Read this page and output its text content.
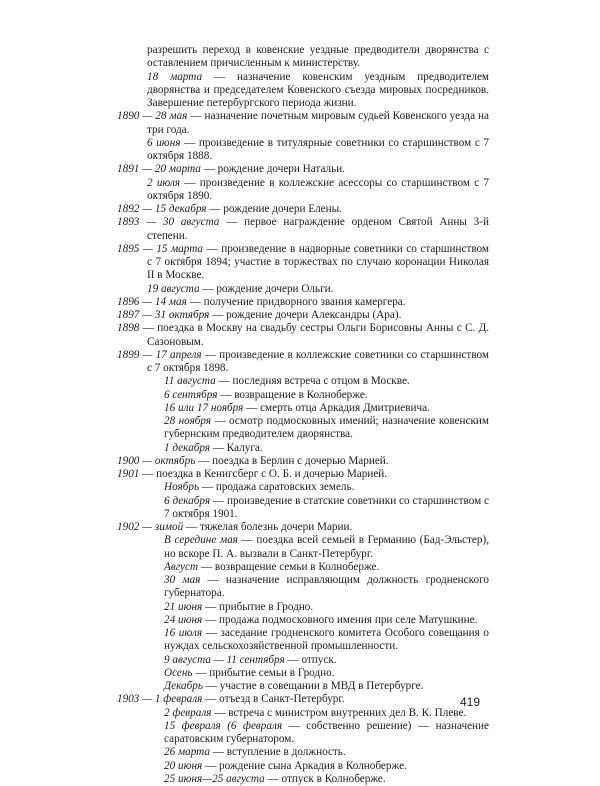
разрешить переход в ковенские уездные предводители дворянства с оставлением причисленным к министерству.

18 марта — назначение ковенским уездным предводителем дворянства и председателем Ковенского съезда мировых посредников. Завершение петербургского периода жизни.

1890 — 28 мая — назначение почетным мировым судьей Ковенского уезда на три года.

6 июня — произведение в титулярные советники со старшинством с 7 октября 1888.

1891 — 20 марта — рождение дочери Натальи.

2 июля — произведение в коллежские асессоры со старшинством с 7 октября 1890.

1892 — 15 декабря — рождение дочери Елены.

1893 — 30 августа — первое награждение орденом Святой Анны 3-й степени.

1895 — 15 марта — произведение в надворные советники со старшинством с 7 октября 1894; участие в торжествах по случаю коронации Николая II в Москве.

19 августа — рождение дочери Ольги.

1896 — 14 мая — получение придворного звания камергера.

1897 — 31 октября — рождение дочери Александры (Ара).

1898 — поездка в Москву на свадьбу сестры Ольги Борисовны Анны с С. Д. Сазоновым.

1899 — 17 апреля — произведение в коллежские советники со старшинством с 7 октября 1898.

11 августа — последняя встреча с отцом в Москве.

6 сентября — возвращение в Колноберже.

16 или 17 ноября — смерть отца Аркадия Дмитриевича.

28 ноября — осмотр подмосковных имений; назначение ковенским губернским предводителем дворянства.

1 декабря — Калуга.

1900 — октябрь — поездка в Берлин с дочерью Марией.

1901 — поездка в Кенигсберг с О. Б. и дочерью Марией.

Ноябрь — продажа саратовских земель.

6 декабря — произведение в статские советники со старшинством с 7 октября 1901.

1902 — зимой — тяжелая болезнь дочери Марии.

В середине мая — поездка всей семьей в Германию (Бад-Эльстер), но вскоре П. А. вызвали в Санкт-Петербург.

Август — возвращение семьи в Колноберже.

30 мая — назначение исправляющим должность гродненского губернатора.

21 июня — прибытие в Гродно.

24 июня — продажа подмосковного имения при селе Матушкине.

16 июля — заседание гродненского комитета Особого совещания о нуждах сельскохозяйственной промышленности.

9 августа — 11 сентября — отпуск.

Осень — прибытие семьи в Гродно.

Декабрь — участие в совещании в МВД в Петербурге.

1903 — 1 февраля — отъезд в Санкт-Петербург.

2 февраля — встреча с министром внутренних дел В. К. Плеве.

15 февраля (6 февраля — собственно решение) — назначение саратовским губернатором.

26 марта — вступление в должность.

20 июня — рождение сына Аркадия в Колноберже.

25 июня—25 августа — отпуск в Колноберже.

419
